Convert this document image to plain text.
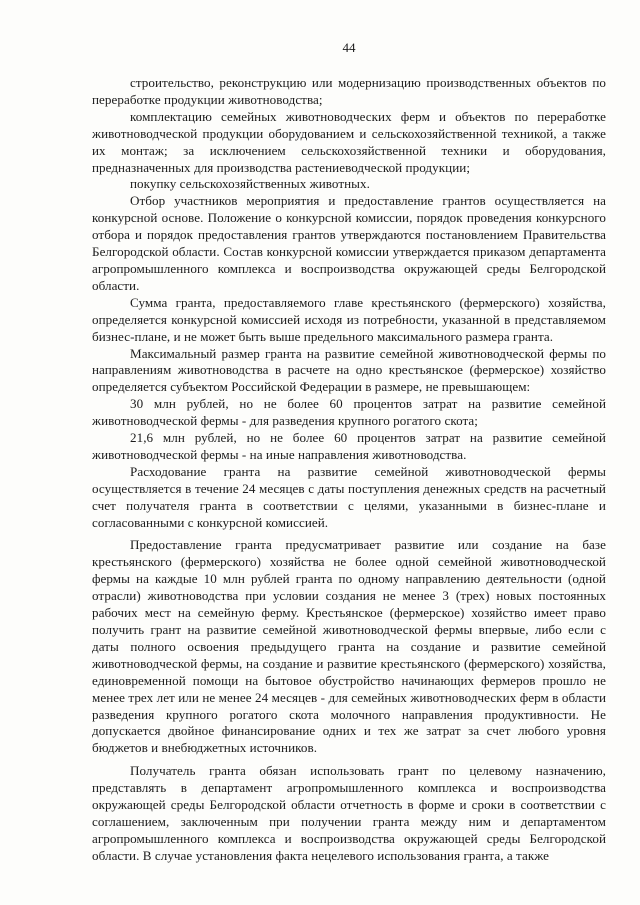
44

строительство, реконструкцию или модернизацию производственных объектов по переработке продукции животноводства;

комплектацию семейных животноводческих ферм и объектов по переработке животноводческой продукции оборудованием и сельскохозяйственной техникой, а также их монтаж; за исключением сельскохозяйственной техники и оборудования, предназначенных для производства растениеводческой продукции;

покупку сельскохозяйственных животных.

Отбор участников мероприятия и предоставление грантов осуществляется на конкурсной основе. Положение о конкурсной комиссии, порядок проведения конкурсного отбора и порядок предоставления грантов утверждаются постановлением Правительства Белгородской области. Состав конкурсной комиссии утверждается приказом департамента агропромышленного комплекса и воспроизводства окружающей среды Белгородской области.

Сумма гранта, предоставляемого главе крестьянского (фермерского) хозяйства, определяется конкурсной комиссией исходя из потребности, указанной в представляемом бизнес-плане, и не может быть выше предельного максимального размера гранта.

Максимальный размер гранта на развитие семейной животноводческой фермы по направлениям животноводства в расчете на одно крестьянское (фермерское) хозяйство определяется субъектом Российской Федерации в размере, не превышающем:

30 млн рублей, но не более 60 процентов затрат на развитие семейной животноводческой фермы - для разведения крупного рогатого скота;

21,6 млн рублей, но не более 60 процентов затрат на развитие семейной животноводческой фермы - на иные направления животноводства.

Расходование гранта на развитие семейной животноводческой фермы осуществляется в течение 24 месяцев с даты поступления денежных средств на расчетный счет получателя гранта в соответствии с целями, указанными в бизнес-плане и согласованными с конкурсной комиссией.

Предоставление гранта предусматривает развитие или создание на базе крестьянского (фермерского) хозяйства не более одной семейной животноводческой фермы на каждые 10 млн рублей гранта по одному направлению деятельности (одной отрасли) животноводства при условии создания не менее 3 (трех) новых постоянных рабочих мест на семейную ферму. Крестьянское (фермерское) хозяйство имеет право получить грант на развитие семейной животноводческой фермы впервые, либо если с даты полного освоения предыдущего гранта на создание и развитие семейной животноводческой фермы, на создание и развитие крестьянского (фермерского) хозяйства, единовременной помощи на бытовое обустройство начинающих фермеров прошло не менее трех лет или не менее 24 месяцев - для семейных животноводческих ферм в области разведения крупного рогатого скота молочного направления продуктивности. Не допускается двойное финансирование одних и тех же затрат за счет любого уровня бюджетов и внебюджетных источников.

Получатель гранта обязан использовать грант по целевому назначению, представлять в департамент агропромышленного комплекса и воспроизводства окружающей среды Белгородской области отчетность в форме и сроки в соответствии с соглашением, заключенным при получении гранта между ним и департаментом агропромышленного комплекса и воспроизводства окружающей среды Белгородской области. В случае установления факта нецелевого использования гранта, а также
